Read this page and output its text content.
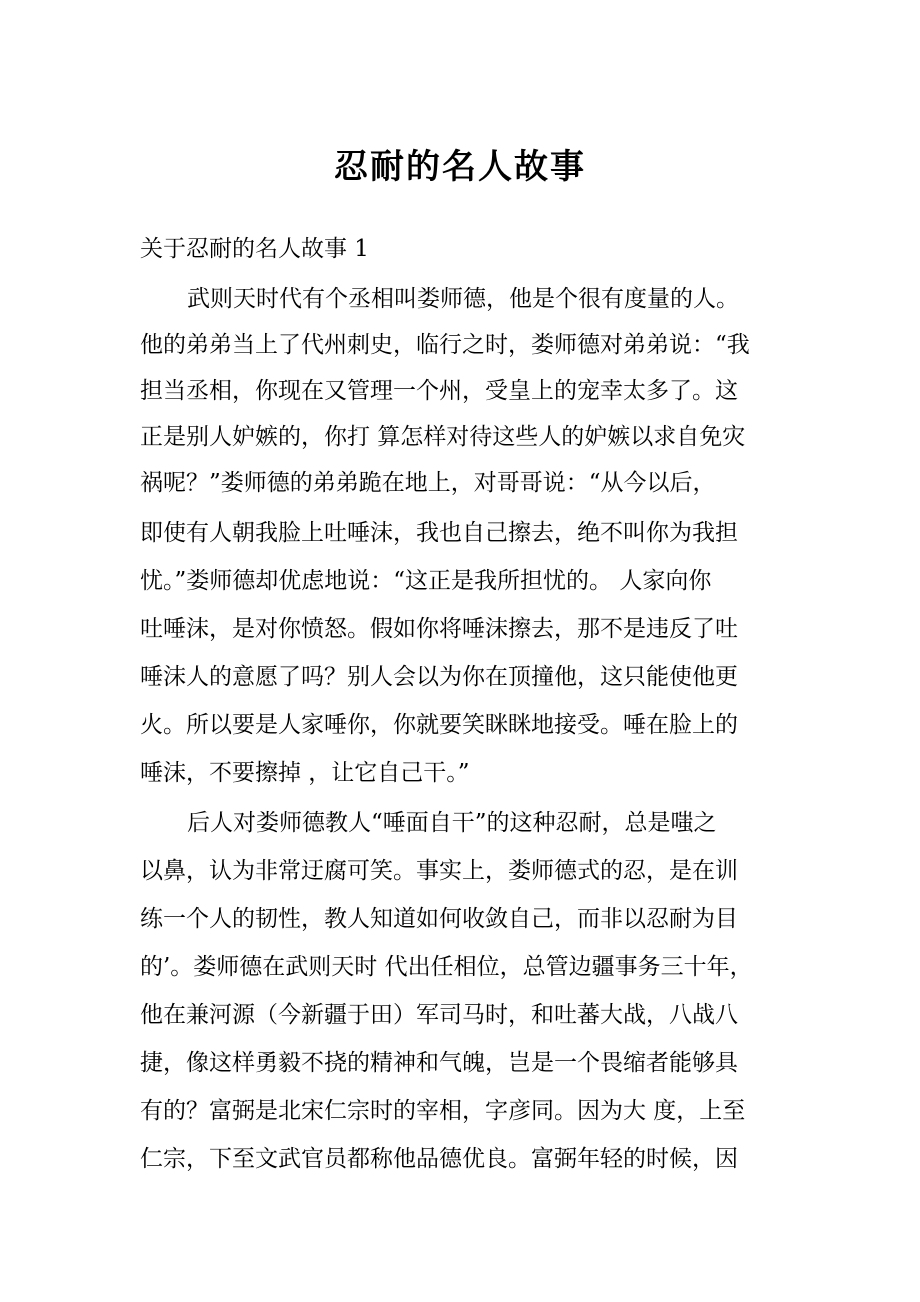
忍耐的名人故事
关于忍耐的名人故事 1
武则天时代有个丞相叫娄师德，他是个很有度量的人。
他的弟弟当上了代州刺史，临行之时，娄师德对弟弟说：“我
担当丞相，你现在又管理一个州，受皇上的宠幸太多了。这
正是别人妒嫉的，你打 算怎样对待这些人的妒嫉以求自免灾
祸呢？”娄师德的弟弟跪在地上，对哥哥说：“从今以后，
即使有人朝我脸上吐唾沫，我也自己擦去，绝不叫你为我担
忧。”娄师德却优虑地说：“这正是我所担忧的。 人家向你
吐唾沫，是对你愤怒。假如你将唾沫擦去，那不是违反了吐
唾沫人的意愿了吗？别人会以为你在顶撞他，这只能使他更
火。所以要是人家唾你，你就要笑眯眯地接受。唾在脸上的
唾沫，不要擦掉 ，让它自己干。”
后人对娄师德教人“唾面自干”的这种忍耐，总是嗤之
以鼻，认为非常迂腐可笑。事实上，娄师德式的忍，是在训
练一个人的韧性，教人知道如何收敛自己，而非以忍耐为目
的’。娄师德在武则天时 代出任相位，总管边疆事务三十年，
他在兼河源（今新疆于田）军司马时，和吐蕃大战，八战八
捷，像这样勇毅不挠的精神和气魄，岂是一个畏缩者能够具
有的？富弼是北宋仁宗时的宰相，字彦同。因为大 度，上至
仁宗，下至文武官员都称他品德优良。富弼年轻的时候，因
